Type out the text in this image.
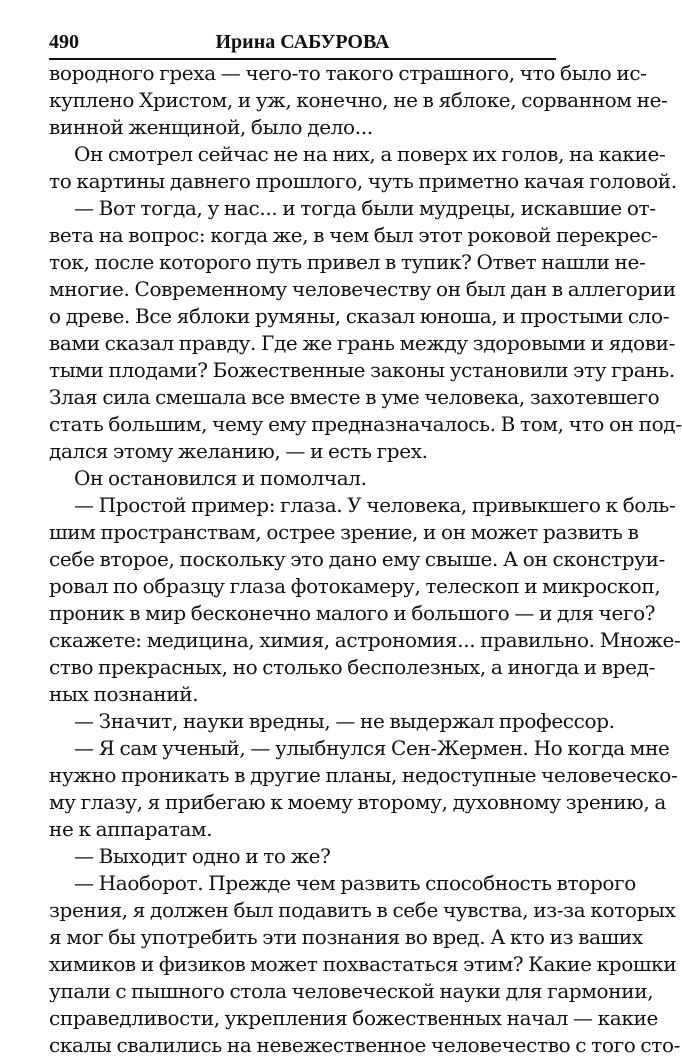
490	Ирина САБУРОВА
вородного греха — чего-то такого страшного, что было ис-
куплено Христом, и уж, конечно, не в яблоке, сорванном не-
винной женщиной, было дело...
Он смотрел сейчас не на них, а поверх их голов, на какие-
то картины давнего прошлого, чуть приметно качая головой.
— Вот тогда, у нас... и тогда были мудрецы, искавшие от-
вета на вопрос: когда же, в чем был этот роковой перекрес-
ток, после которого путь привел в тупик? Ответ нашли не-
многие. Современному человечеству он был дан в аллегории
о древе. Все яблоки румяны, сказал юноша, и простыми сло-
вами сказал правду. Где же грань между здоровыми и ядови-
тыми плодами? Божественные законы установили эту грань.
Злая сила смешала все вместе в уме человека, захотевшего
стать большим, чему ему предназначалось. В том, что он под-
дался этому желанию, — и есть грех.
Он остановился и помолчал.
— Простой пример: глаза. У человека, привыкшего к боль-
шим пространствам, острее зрение, и он может развить в
себе второе, поскольку это дано ему свыше. А он сконструи-
ровал по образцу глаза фотокамеру, телескоп и микроскоп,
проник в мир бесконечно малого и большого — и для чего?
скажете: медицина, химия, астрономия... правильно. Множе-
ство прекрасных, но столько бесполезных, а иногда и вред-
ных познаний.
— Значит, науки вредны, — не выдержал профессор.
— Я сам ученый, — улыбнулся Сен-Жермен. Но когда мне
нужно проникать в другие планы, недоступные человеческо-
му глазу, я прибегаю к моему второму, духовному зрению, а
не к аппаратам.
— Выходит одно и то же?
— Наоборот. Прежде чем развить способность второго
зрения, я должен был подавить в себе чувства, из-за которых
я мог бы употребить эти познания во вред. А кто из ваших
химиков и физиков может похвастаться этим? Какие крошки
упали с пышного стола человеческой науки для гармонии,
справедливости, укрепления божественных начал — какие
скалы свалились на невежественное человечество с того сто-
